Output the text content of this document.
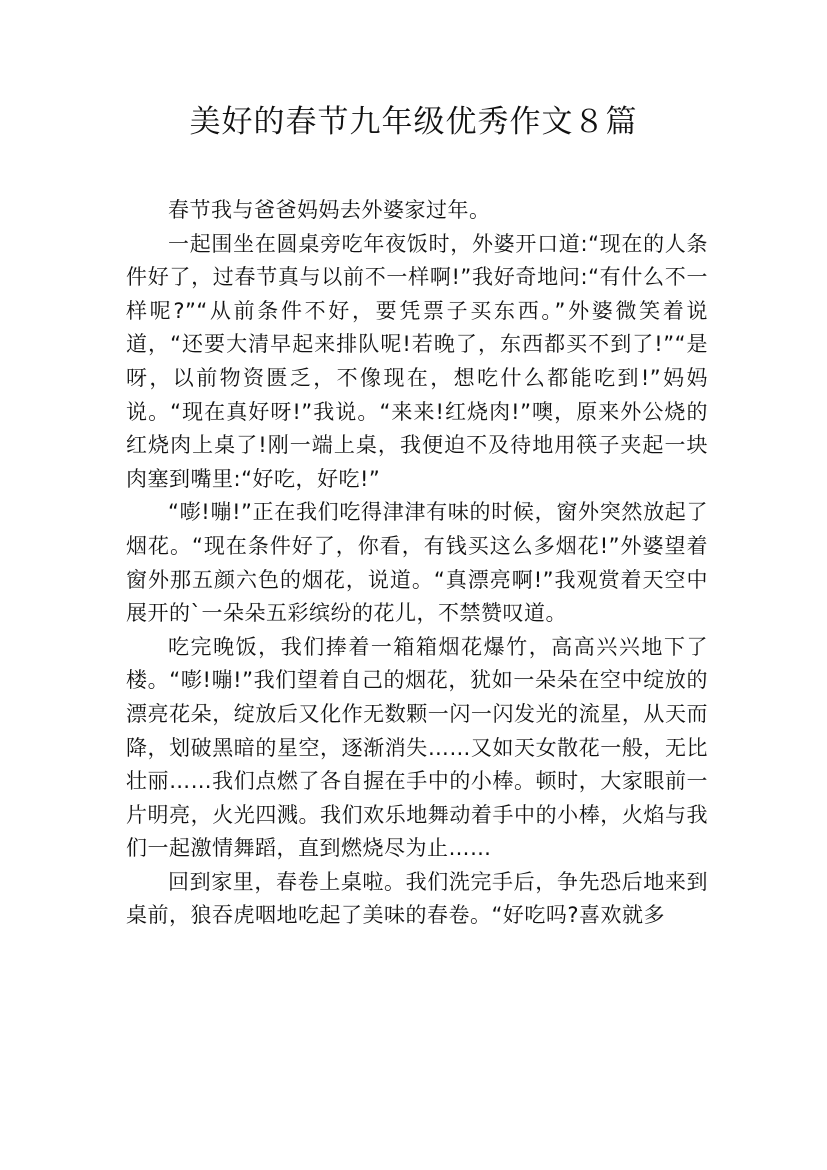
美好的春节九年级优秀作文８篇

春节我与爸爸妈妈去外婆家过年。

一起围坐在圆桌旁吃年夜饭时，外婆开口道:“现在的人条件好了，过春节真与以前不一样啊!”我好奇地问:“有什么不一样呢?”“从前条件不好，要凭票子买东西。”外婆微笑着说道，“还要大清早起来排队呢!若晚了，东西都买不到了!”“是呀，以前物资匮乏，不像现在，想吃什么都能吃到!”妈妈说。“现在真好呀!”我说。“来来!红烧肉!”噢，原来外公烧的红烧肉上桌了!刚一端上桌，我便迫不及待地用筷子夹起一块肉塞到嘴里:“好吃，好吃!”

“嘭!嘣!”正在我们吃得津津有味的时候，窗外突然放起了烟花。“现在条件好了，你看，有钱买这么多烟花!”外婆望着窗外那五颜六色的烟花，说道。“真漂亮啊!”我观赏着天空中展开的`一朵朵五彩缤纷的花儿，不禁赞叹道。

吃完晚饭，我们捧着一箱箱烟花爆竹，高高兴兴地下了楼。“嘭!嘣!”我们望着自己的烟花，犹如一朵朵在空中绽放的漂亮花朵，绽放后又化作无数颗一闪一闪发光的流星，从天而降，划破黑暗的星空，逐渐消失……又如天女散花一般，无比壮丽……我们点燃了各自握在手中的小棒。顿时，大家眼前一片明亮，火光四溅。我们欢乐地舞动着手中的小棒，火焰与我们一起激情舞蹈，直到燃烧尽为止……

回到家里，春卷上桌啦。我们洗完手后，争先恐后地来到桌前，狼吞虎咽地吃起了美味的春卷。“好吃吗?喜欢就多
